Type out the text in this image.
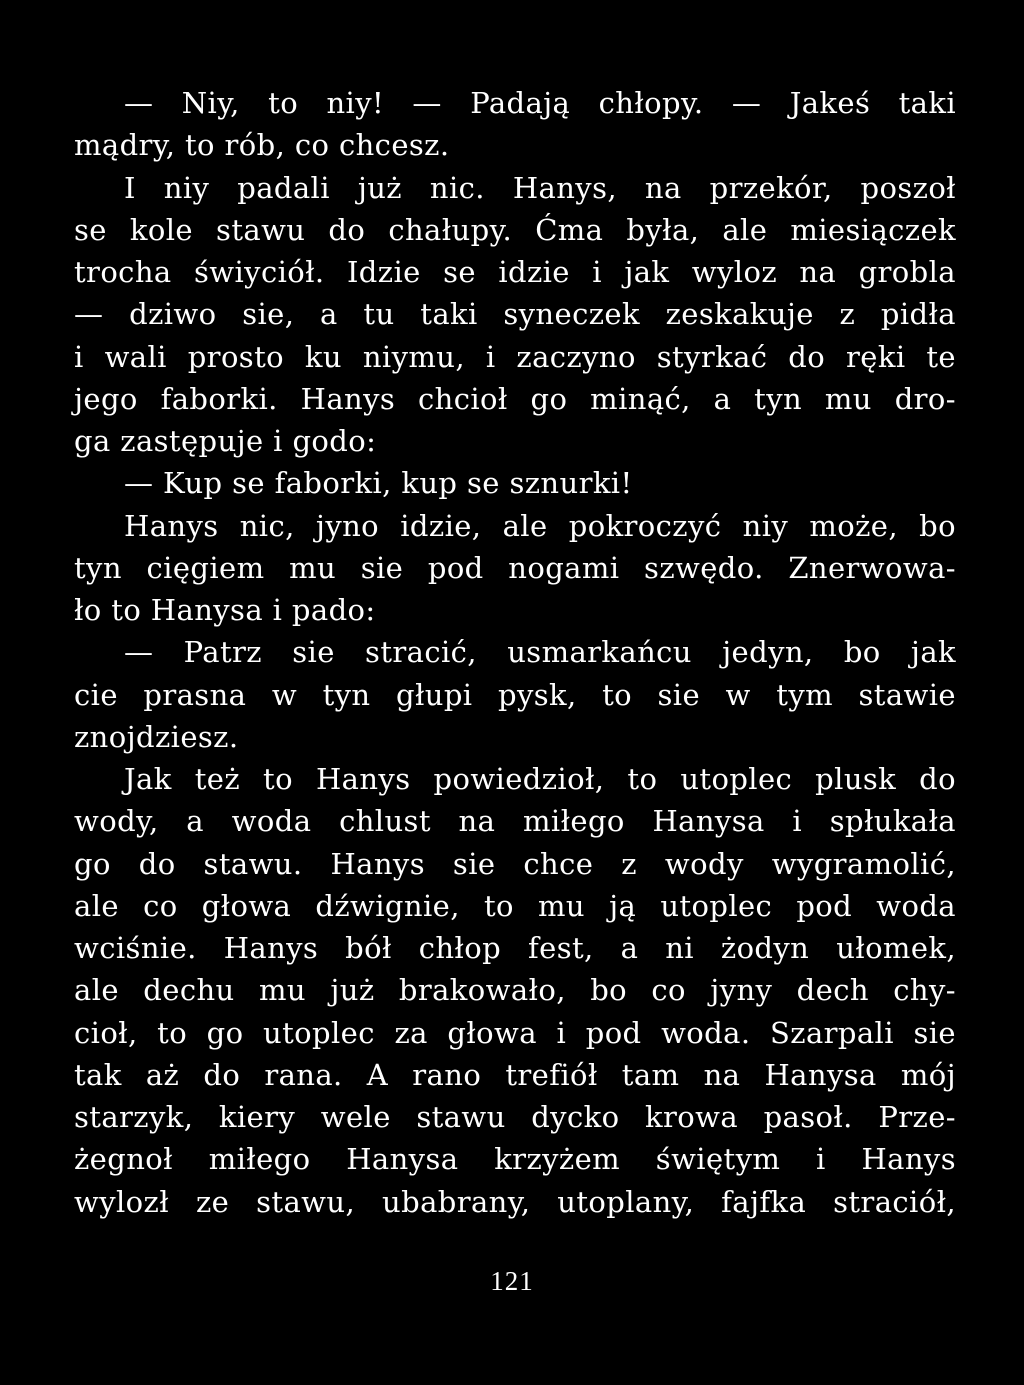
— Niy, to niy! — Padają chłopy. — Jakeś taki
mądry, to rób, co chcesz.
I niy padali już nic. Hanys, na przekór, poszoł
se kole stawu do chałupy. Ćma była, ale miesiączek
trocha świyciół. Idzie se idzie i jak wyloz na grobla
— dziwo sie, a tu taki syneczek zeskakuje z pidła
i wali prosto ku niymu, i zaczyno styrkać do ręki te
jego faborki. Hanys chcioł go minąć, a tyn mu dro-
ga zastępuje i godo:
— Kup se faborki, kup se sznurki!
Hanys nic, jyno idzie, ale pokroczyć niy może, bo
tyn cięgiem mu sie pod nogami szwędo. Znerwowa-
ło to Hanysa i pado:
— Patrz sie stracić, usmarkańcu jedyn, bo jak
cie prasna w tyn głupi pysk, to sie w tym stawie
znojdziesz.
Jak też to Hanys powiedzioł, to utoplec plusk do
wody, a woda chlust na miłego Hanysa i spłukała
go do stawu. Hanys sie chce z wody wygramolić,
ale co głowa dźwignie, to mu ją utoplec pod woda
wciśnie. Hanys bół chłop fest, a ni żodyn ułomek,
ale dechu mu już brakowało, bo co jyny dech chy-
cioł, to go utoplec za głowa i pod woda. Szarpali sie
tak aż do rana. A rano trefiół tam na Hanysa mój
starzyk, kiery wele stawu dycko krowa pasoł. Prze-
żegnoł miłego Hanysa krzyżem świętym i Hanys
wylozł ze stawu, ubabrany, utoplany, fajfka straciół,
121
